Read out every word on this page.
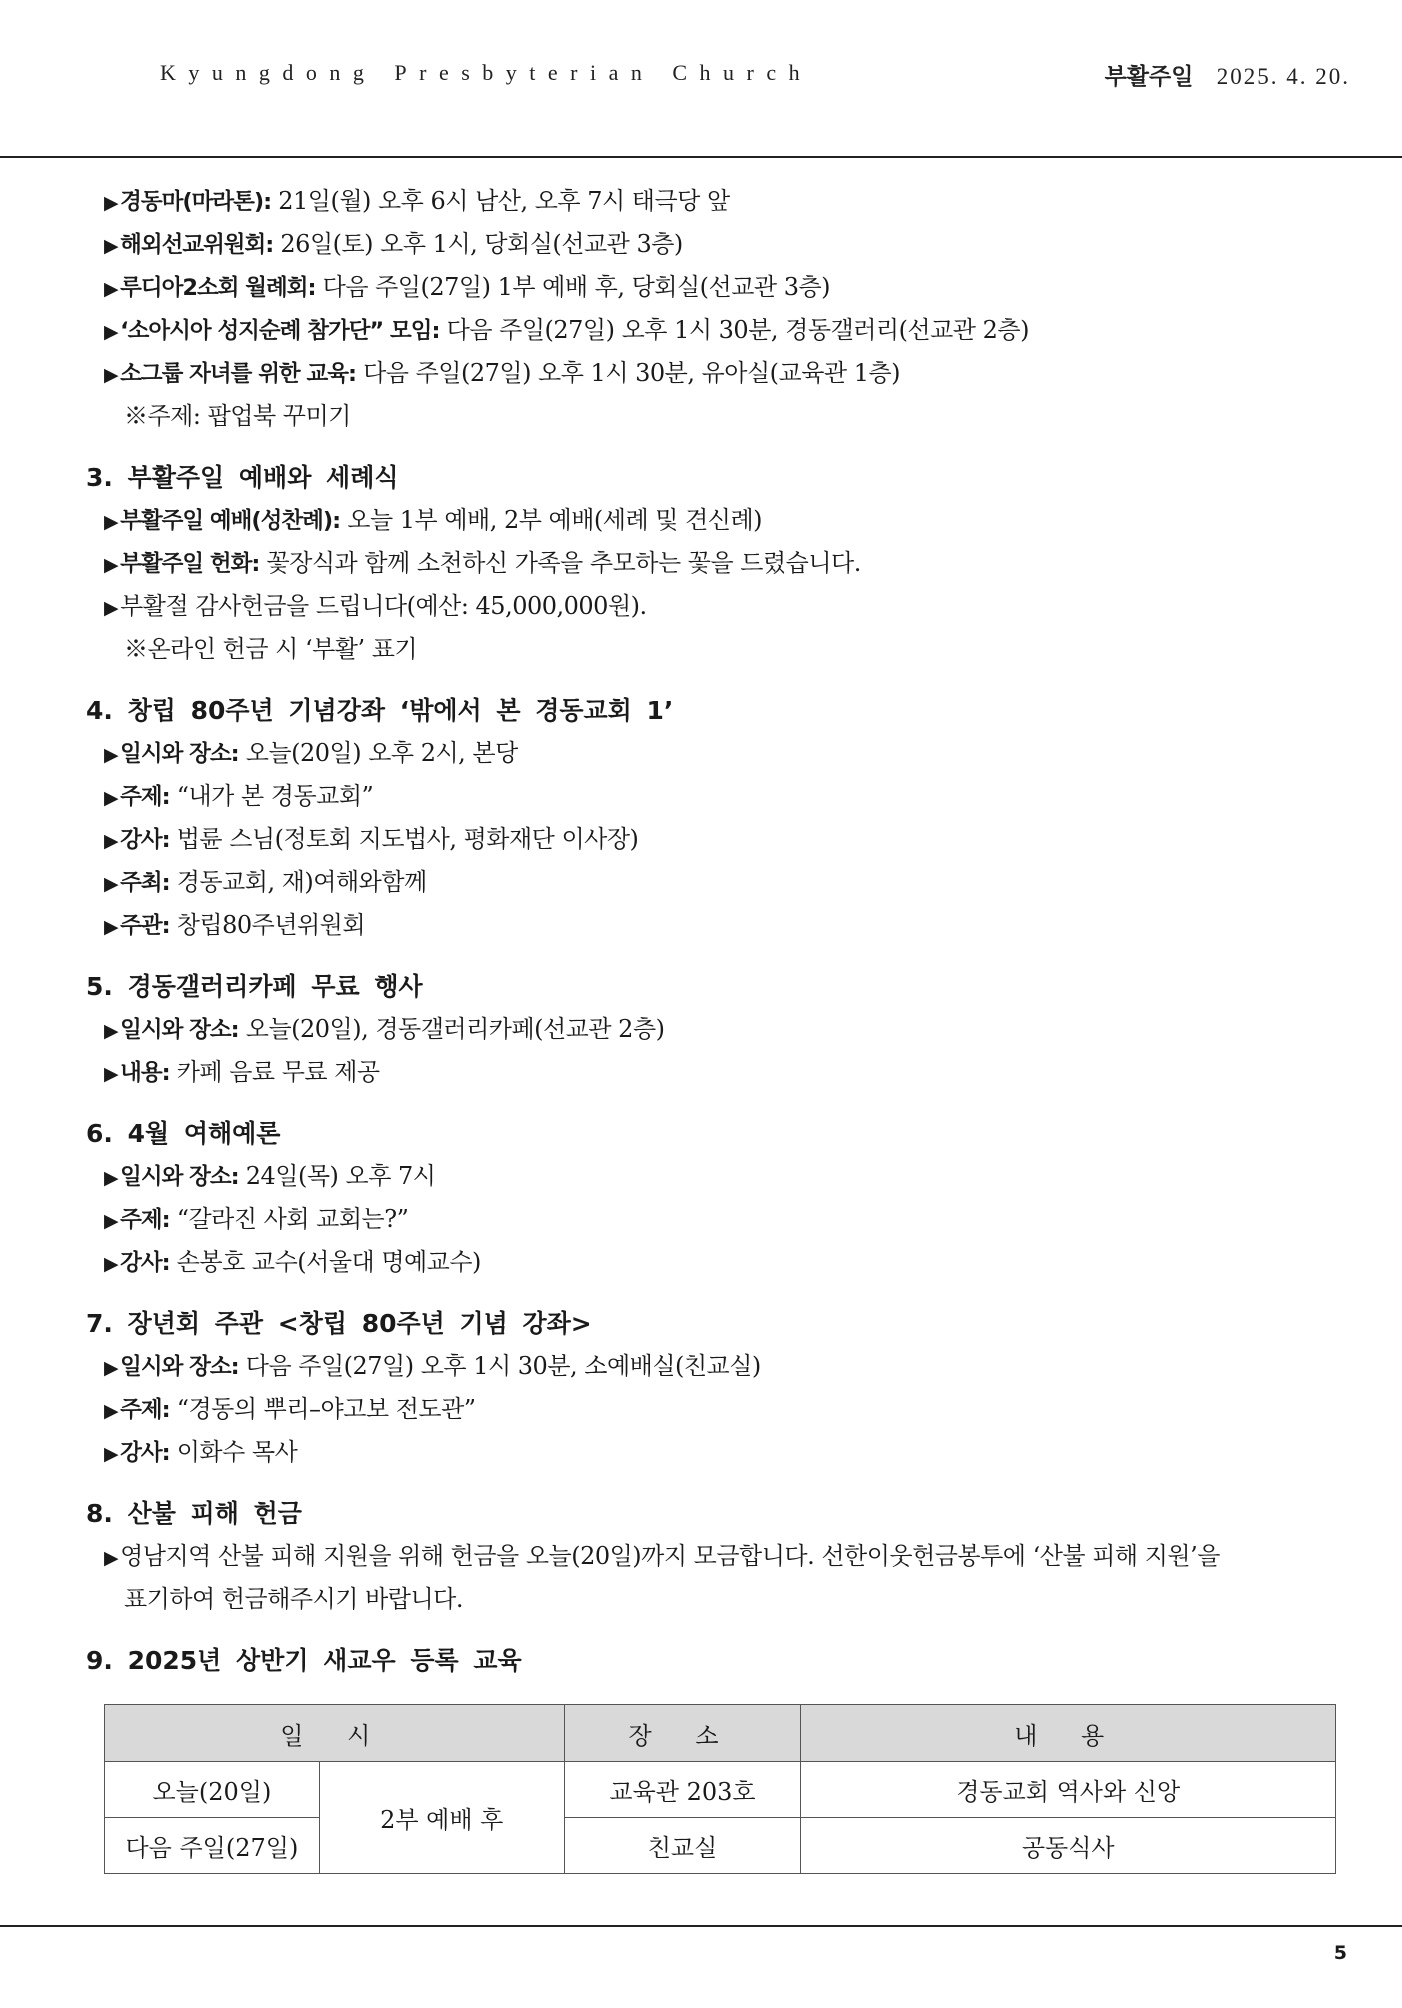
Kyungdong Presbyterian Church	부활주일 2025. 4. 20.
▶경동마(마라톤): 21일(월) 오후 6시 남산, 오후 7시 태극당 앞
▶해외선교위원회: 26일(토) 오후 1시, 당회실(선교관 3층)
▶루디아2소회 월례회: 다음 주일(27일) 1부 예배 후, 당회실(선교관 3층)
▶‘소아시아 성지순례 참가단” 모임: 다음 주일(27일) 오후 1시 30분, 경동갤러리(선교관 2층)
▶소그룹 자녀를 위한 교육: 다음 주일(27일) 오후 1시 30분, 유아실(교육관 1층)
※주제: 팝업북 꾸미기
3. 부활주일 예배와 세례식
▶부활주일 예배(성찬례): 오늘 1부 예배, 2부 예배(세례 및 견신례)
▶부활주일 헌화: 꽃장식과 함께 소천하신 가족을 추모하는 꽃을 드렸습니다.
▶부활절 감사헌금을 드립니다(예산: 45,000,000원).
※온라인 헌금 시 ‘부활’ 표기
4. 창립 80주년 기념강좌 ‘밖에서 본 경동교회 1’
▶일시와 장소: 오늘(20일) 오후 2시, 본당
▶주제: “내가 본 경동교회”
▶강사: 법륜 스님(정토회 지도법사, 평화재단 이사장)
▶주최: 경동교회, 재)여해와함께
▶주관: 창립80주년위원회
5. 경동갤러리카페 무료 행사
▶일시와 장소: 오늘(20일), 경동갤러리카페(선교관 2층)
▶내용: 카페 음료 무료 제공
6. 4월 여해예론
▶일시와 장소: 24일(목) 오후 7시
▶주제: “갈라진 사회 교회는?”
▶강사: 손봉호 교수(서울대 명예교수)
7. 장년회 주관 <창립 80주년 기념 강좌>
▶일시와 장소: 다음 주일(27일) 오후 1시 30분, 소예배실(친교실)
▶주제: “경동의 뿌리–야고보 전도관”
▶강사: 이화수 목사
8. 산불 피해 헌금
▶영남지역 산불 피해 지원을 위해 헌금을 오늘(20일)까지 모금합니다. 선한이웃헌금봉투에 ‘산불 피해 지원’을
표기하여 헌금해주시기 바랍니다.
9. 2025년 상반기 새교우 등록 교육
일 시		장 소	내 용
오늘(20일)	2부 예배 후	교육관 203호	경동교회 역사와 신앙
다음 주일(27일)		친교실	공동식사
5
